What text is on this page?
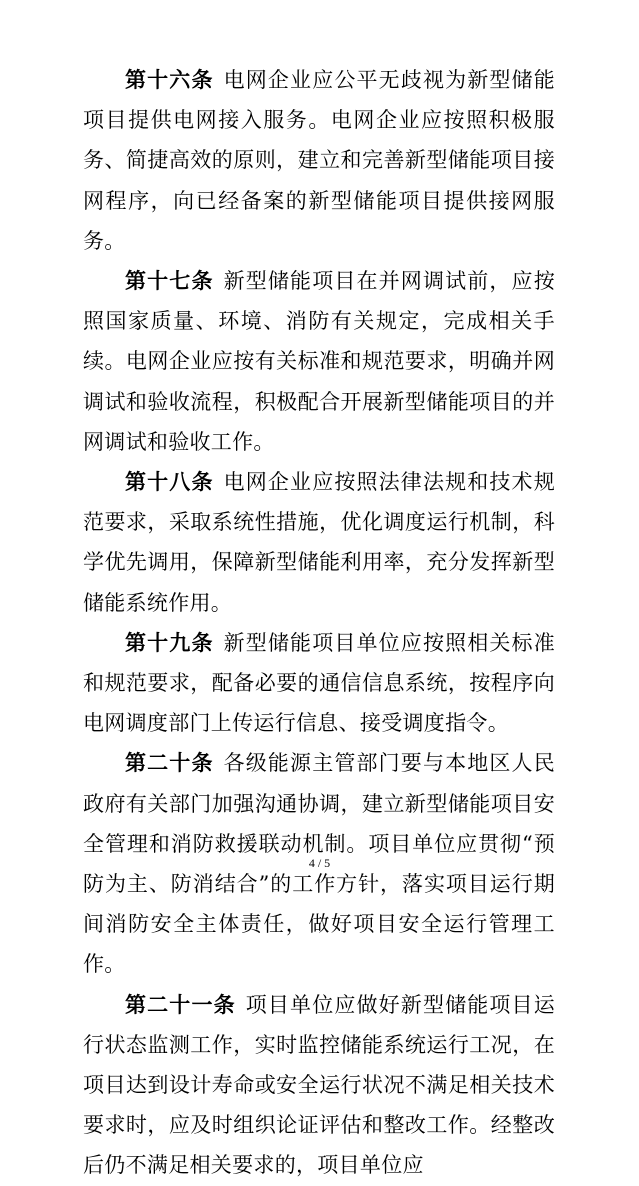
第十六条 电网企业应公平无歧视为新型储能项目提供电网接入服务。电网企业应按照积极服务、简捷高效的原则，建立和完善新型储能项目接网程序，向已经备案的新型储能项目提供接网服务。

第十七条 新型储能项目在并网调试前，应按照国家质量、环境、消防有关规定，完成相关手续。电网企业应按有关标准和规范要求，明确并网调试和验收流程，积极配合开展新型储能项目的并网调试和验收工作。

第十八条 电网企业应按照法律法规和技术规范要求，采取系统性措施，优化调度运行机制，科学优先调用，保障新型储能利用率，充分发挥新型储能系统作用。

第十九条 新型储能项目单位应按照相关标准和规范要求，配备必要的通信信息系统，按程序向电网调度部门上传运行信息、接受调度指令。

第二十条 各级能源主管部门要与本地区人民政府有关部门加强沟通协调，建立新型储能项目安全管理和消防救援联动机制。项目单位应贯彻“预防为主、防消结合”的工作方针，落实项目运行期间消防安全主体责任，做好项目安全运行管理工作。

第二十一条 项目单位应做好新型储能项目运行状态监测工作，实时监控储能系统运行工况，在项目达到设计寿命或安全运行状况不满足相关技术要求时，应及时组织论证评估和整改工作。经整改后仍不满足相关要求的，项目单位应

4 / 5
